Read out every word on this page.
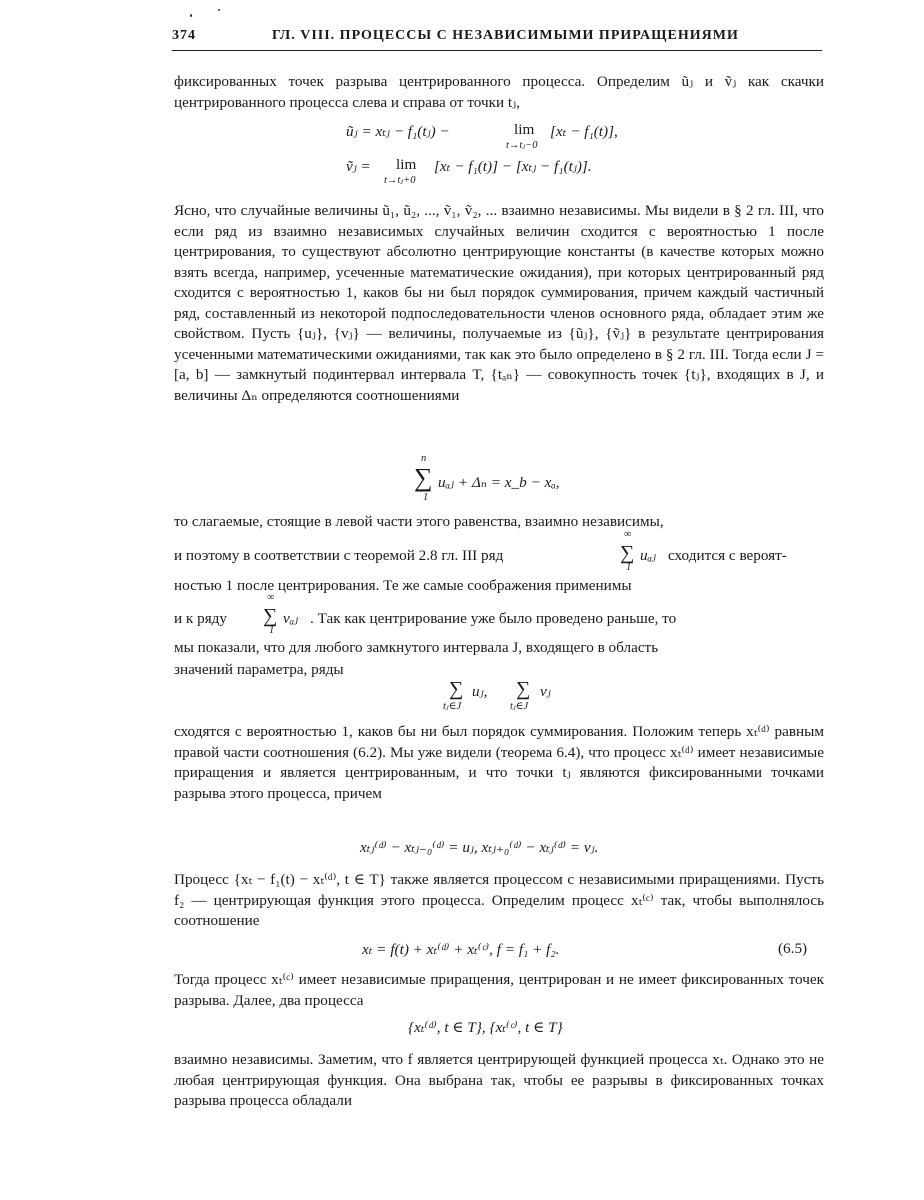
374	ГЛ. VIII. ПРОЦЕССЫ С НЕЗАВИСИМЫМИ ПРИРАЩЕНИЯМИ

фиксированных точек разрыва центрированного процесса. Определим ũⱼ и ṽⱼ как скачки центрированного процесса слева и справа от точки tⱼ,

ũⱼ = xₜⱼ − f₁(tⱼ) −	lim
t→tⱼ−0
[xₜ − f₁(t)],
ṽⱼ = lim
t→tⱼ+0
[xₜ − f₁(t)] − [xₜⱼ − f₁(tⱼ)].

Ясно, что случайные величины ũ₁, ũ₂, ..., ṽ₁, ṽ₂, ... взаимно независимы. Мы видели в § 2 гл. III, что если ряд из взаимно независимых случайных величин сходится с вероятностью 1 после центрирования, то существуют абсолютно центрирующие константы (в качестве которых можно взять всегда, например, усеченные математические ожидания), при которых центрированный ряд сходится с вероятностью 1, каков бы ни был порядок суммирования, причем каждый частичный ряд, составленный из некоторой подпоследовательности членов основного ряда, обладает этим же свойством. Пусть {uⱼ}, {vⱼ} — величины, получаемые из {ũⱼ}, {ṽⱼ} в результате центрирования усеченными математическими ожиданиями, так как это было определено в § 2 гл. III. Тогда если J = [a, b] — замкнутый подинтервал интервала T, {tₐₙ} — совокупность точек {tⱼ}, входящих в J, и величины Δₙ определяются соотношениями

n
∑
1
uₐⱼ + Δₙ = x_b − xₐ,
то слагаемые, стоящие в левой части этого равенства, взаимно независимы,
и поэтому в соответствии с теоремой 2.8 гл. III ряд
∞
∑
1
uₐⱼ сходится с вероят-
ностью 1 после центрирования. Те же самые соображения применимы
и к ряду
∞
∑
1
vₐⱼ . Так как центрирование уже было проведено раньше, то
мы показали, что для любого замкнутого интервала J, входящего в область
значений параметра, ряды
∑
tⱼ∈J
uⱼ, ∑
tⱼ∈J
vⱼ

сходятся с вероятностью 1, каков бы ни был порядок суммирования. Положим теперь xₜ⁽ᵈ⁾ равным правой части соотношения (6.2). Мы уже видели (теорема 6.4), что процесс xₜ⁽ᵈ⁾ имеет независимые приращения и является центрированным, и что точки tⱼ являются фиксированными точками разрыва этого процесса, причем

xₜⱼ⁽ᵈ⁾ − xₜⱼ₋₀⁽ᵈ⁾ = uⱼ, xₜⱼ₊₀⁽ᵈ⁾ − xₜⱼ⁽ᵈ⁾ = vⱼ.

Процесс {xₜ − f₁(t) − xₜ⁽ᵈ⁾, t ∈ T} также является процессом с независимыми приращениями. Пусть f₂ — центрирующая функция этого процесса. Определим процесс xₜ⁽ᶜ⁾ так, чтобы выполнялось соотношение

xₜ = f(t) + xₜ⁽ᵈ⁾ + xₜ⁽ᶜ⁾, f = f₁ + f₂.	(6.5)

Тогда процесс xₜ⁽ᶜ⁾ имеет независимые приращения, центрирован и не имеет фиксированных точек разрыва. Далее, два процесса

{xₜ⁽ᵈ⁾, t ∈ T}, {xₜ⁽ᶜ⁾, t ∈ T}

взаимно независимы. Заметим, что f является центрирующей функцией процесса xₜ. Однако это не любая центрирующая функция. Она выбрана так, чтобы ее разрывы в фиксированных точках разрыва процесса обладали
